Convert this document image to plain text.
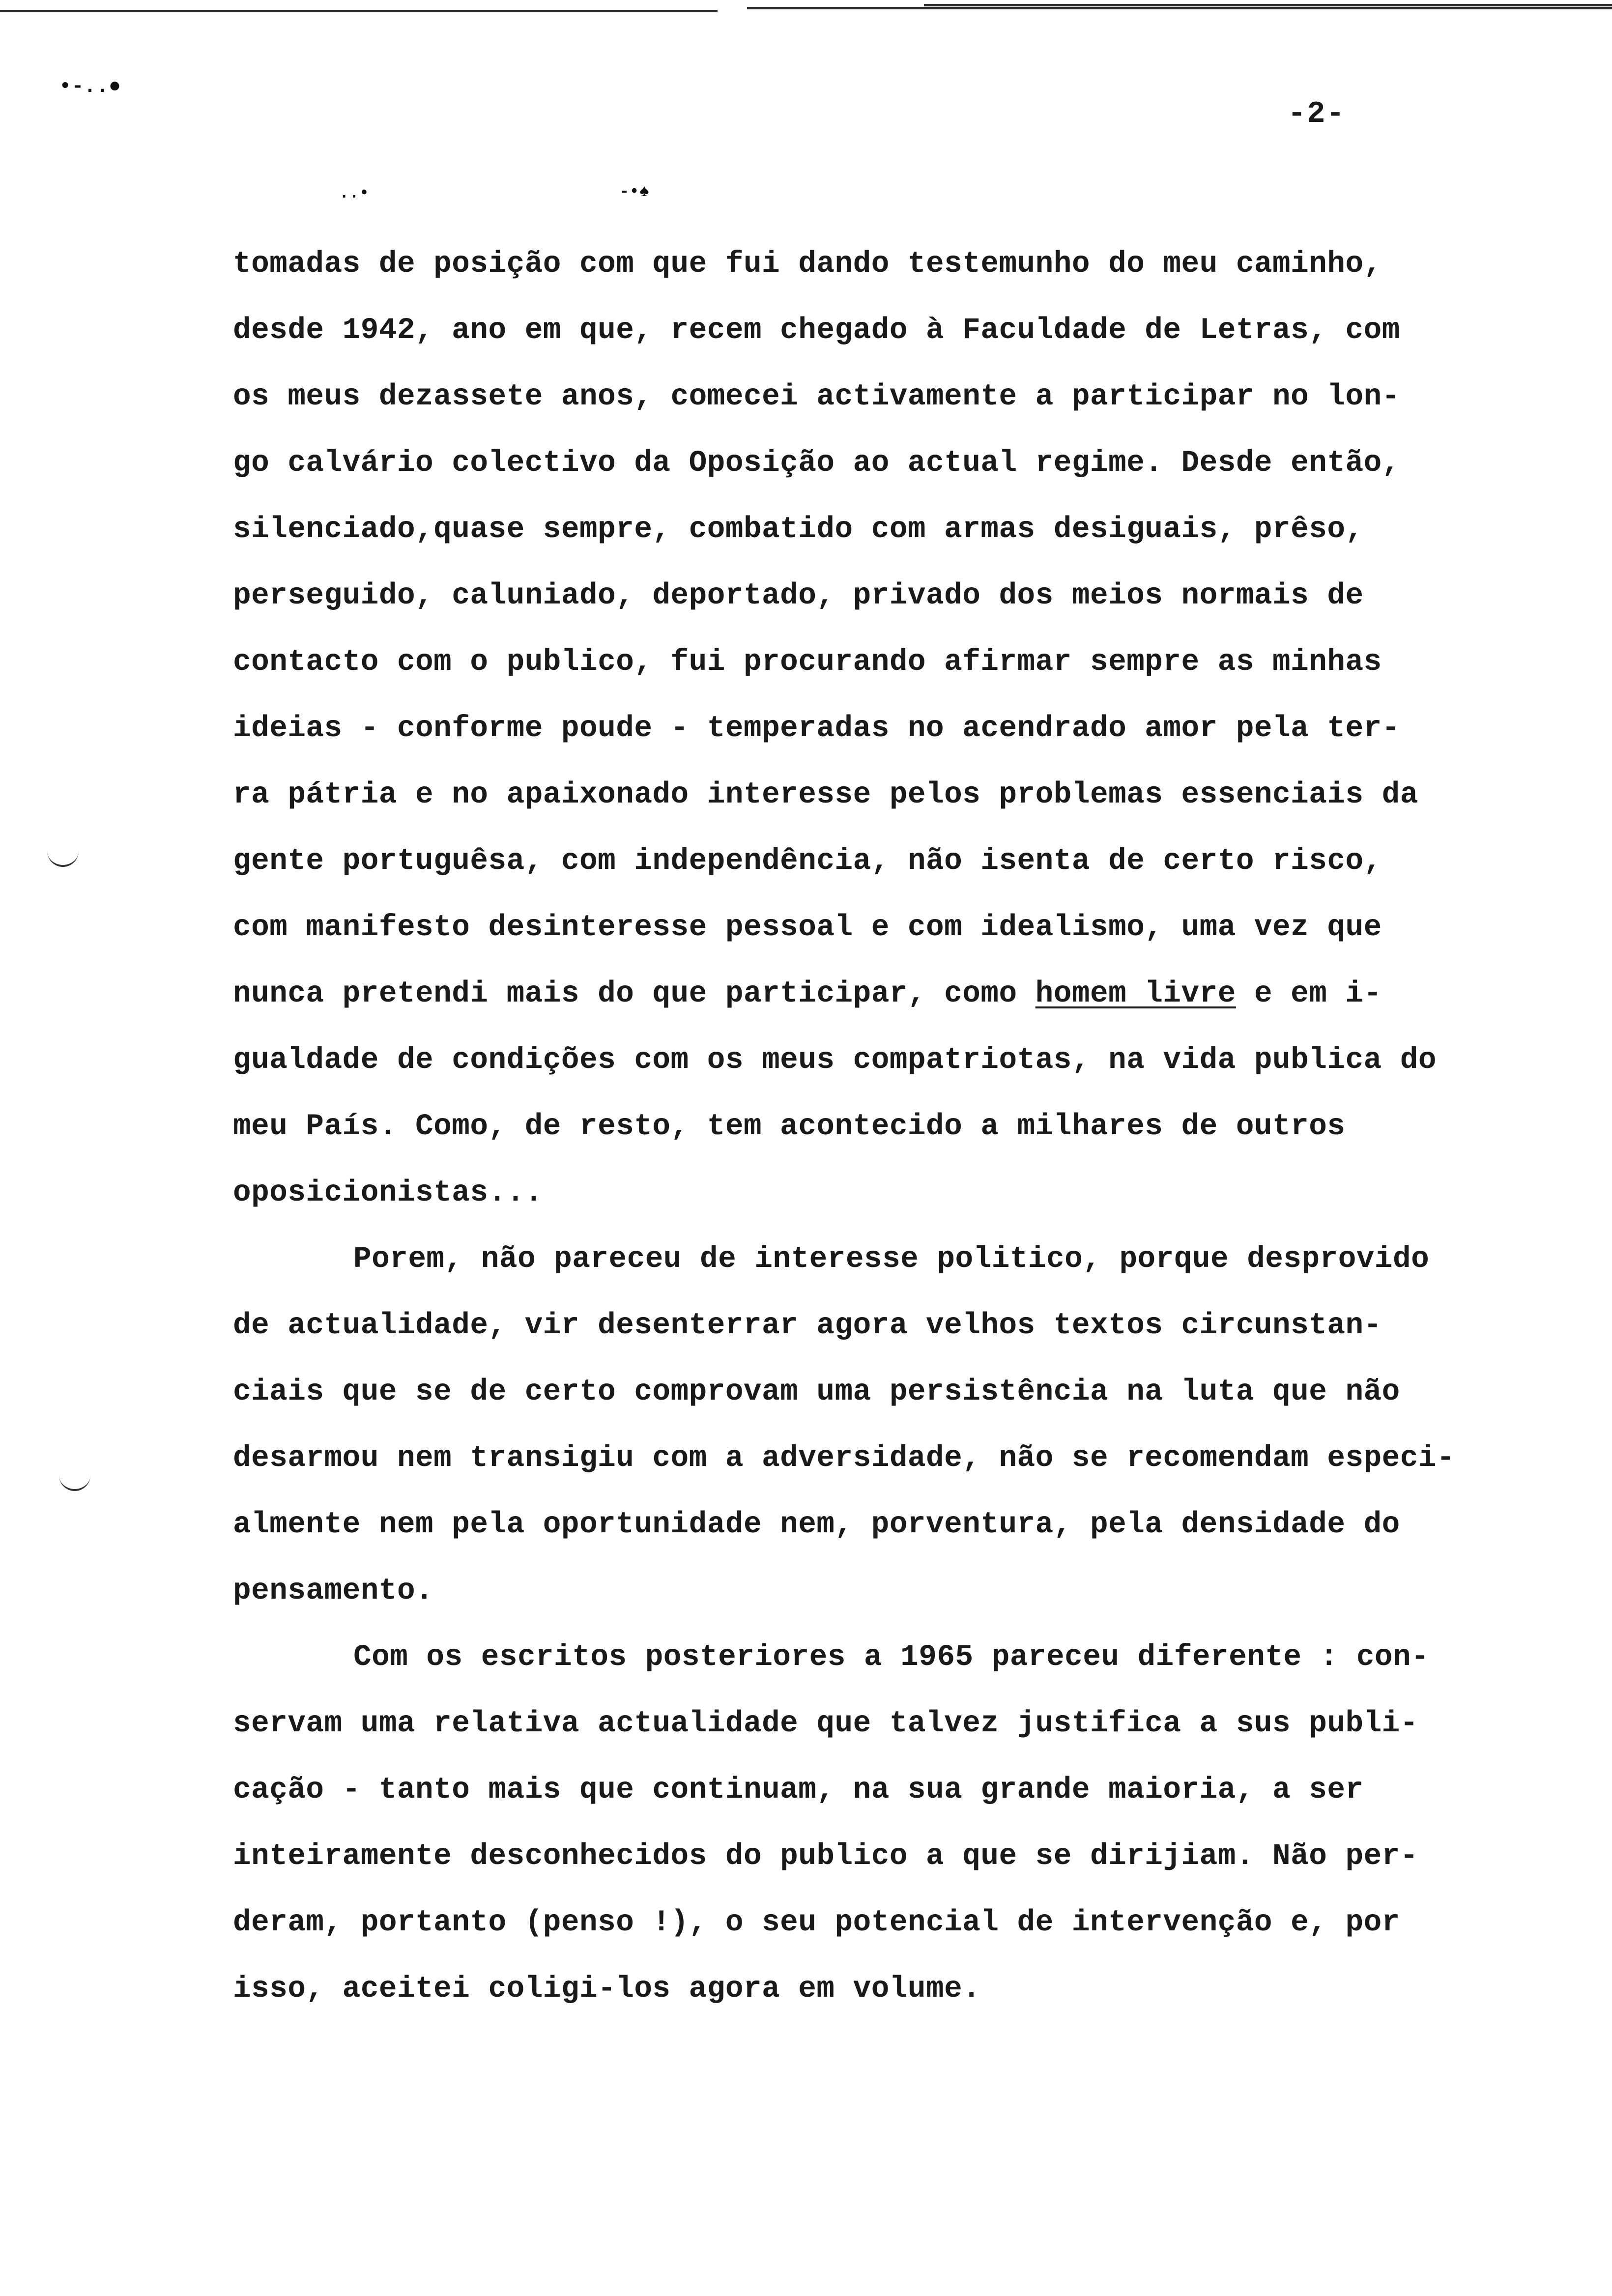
•-..●
..•	-•♠
-2-
tomadas de posição com que fui dando testemunho do meu caminho,
desde 1942, ano em que, recem chegado à Faculdade de Letras, com
os meus dezassete anos, comecei activamente a participar no lon-
go calvário colectivo da Oposição ao actual regime. Desde então,
silenciado,quase sempre, combatido com armas desiguais, prêso,
perseguido, caluniado, deportado, privado dos meios normais de
contacto com o publico, fui procurando afirmar sempre as minhas
ideias - conforme poude - temperadas no acendrado amor pela ter-
ra pátria e no apaixonado interesse pelos problemas essenciais da
gente portuguêsa, com independência, não isenta de certo risco,
com manifesto desinteresse pessoal e com idealismo, uma vez que
nunca pretendi mais do que participar, como homem livre e em i-
gualdade de condições com os meus compatriotas, na vida publica do
meu País. Como, de resto, tem acontecido a milhares de outros
oposicionistas...
Porem, não pareceu de interesse politico, porque desprovido
de actualidade, vir desenterrar agora velhos textos circunstan-
ciais que se de certo comprovam uma persistência na luta que não
desarmou nem transigiu com a adversidade, não se recomendam especi-
almente nem pela oportunidade nem, porventura, pela densidade do
pensamento.
Com os escritos posteriores a 1965 pareceu diferente : con-
servam uma relativa actualidade que talvez justifica a sus publi-
cação - tanto mais que continuam, na sua grande maioria, a ser
inteiramente desconhecidos do publico a que se dirijiam. Não per-
deram, portanto (penso !), o seu potencial de intervenção e, por
isso, aceitei coligi-los agora em volume.
